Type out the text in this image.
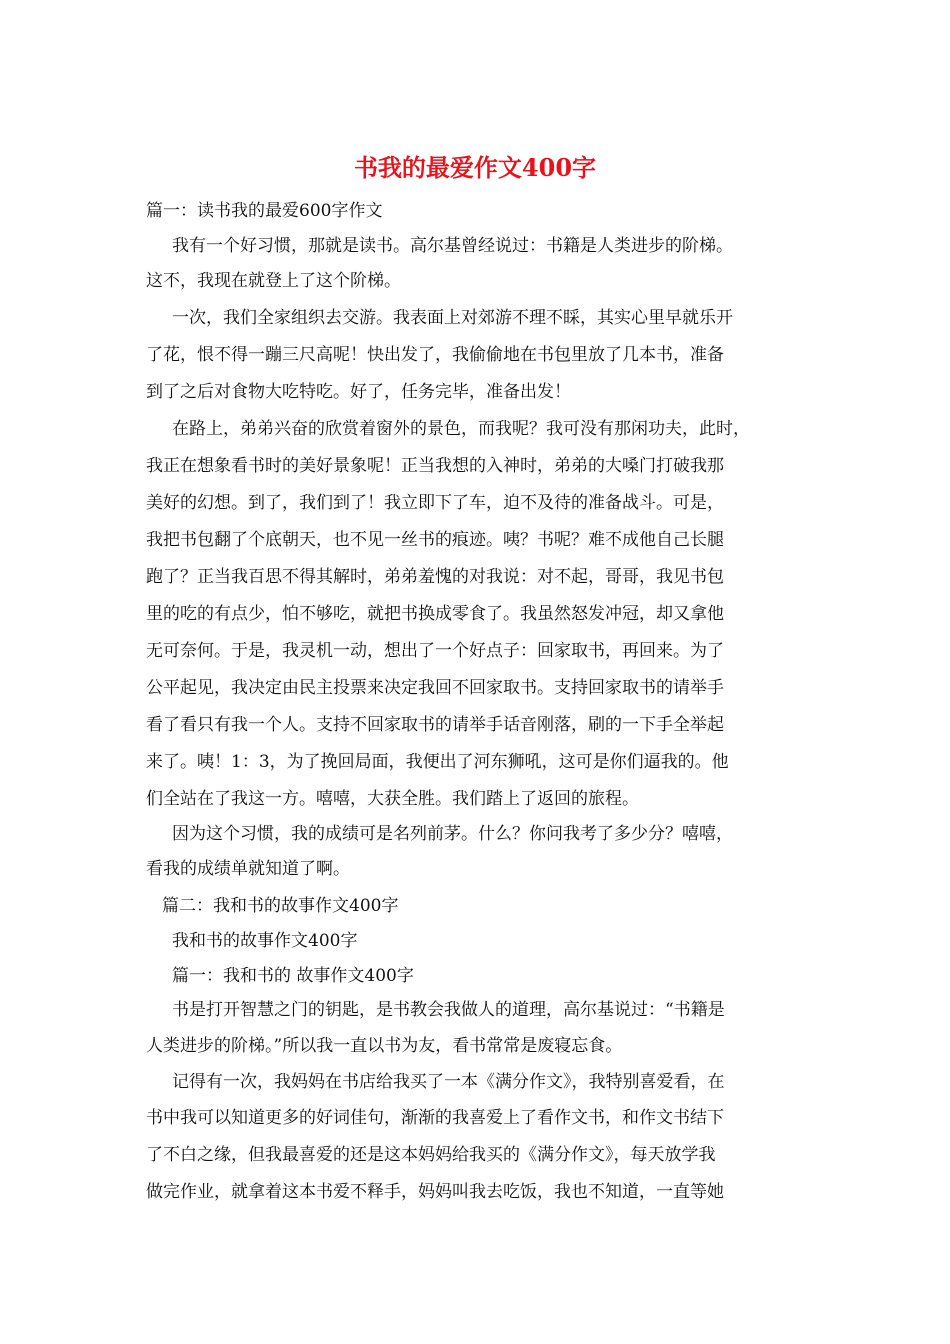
书我的最爱作文400字
篇一：读书我的最爱600字作文
我有一个好习惯，那就是读书。高尔基曾经说过：书籍是人类进步的阶梯。
这不，我现在就登上了这个阶梯。
一次，我们全家组织去交游。我表面上对郊游不理不睬，其实心里早就乐开
了花，恨不得一蹦三尺高呢！快出发了，我偷偷地在书包里放了几本书，准备
到了之后对食物大吃特吃。好了，任务完毕，准备出发！
在路上，弟弟兴奋的欣赏着窗外的景色，而我呢？我可没有那闲功夫，此时，
我正在想象看书时的美好景象呢！正当我想的入神时，弟弟的大嗓门打破我那
美好的幻想。到了，我们到了！我立即下了车，迫不及待的准备战斗。可是，
我把书包翻了个底朝天，也不见一丝书的痕迹。咦？书呢？难不成他自己长腿
跑了？正当我百思不得其解时，弟弟羞愧的对我说：对不起，哥哥，我见书包
里的吃的有点少，怕不够吃，就把书换成零食了。我虽然怒发冲冠，却又拿他
无可奈何。于是，我灵机一动，想出了一个好点子：回家取书，再回来。为了
公平起见，我决定由民主投票来决定我回不回家取书。支持回家取书的请举手
看了看只有我一个人。支持不回家取书的请举手话音刚落，刷的一下手全举起
来了。咦！1：3，为了挽回局面，我便出了河东狮吼，这可是你们逼我的。他
们全站在了我这一方。嘻嘻，大获全胜。我们踏上了返回的旅程。
因为这个习惯，我的成绩可是名列前茅。什么？你问我考了多少分？嘻嘻，
看我的成绩单就知道了啊。
篇二：我和书的故事作文400字
我和书的故事作文400字
篇一：我和书的 故事作文400字
书是打开智慧之门的钥匙，是书教会我做人的道理，高尔基说过：“书籍是
人类进步的阶梯。”所以我一直以书为友，看书常常是废寝忘食。
记得有一次，我妈妈在书店给我买了一本《满分作文》，我特别喜爱看，在
书中我可以知道更多的好词佳句，渐渐的我喜爱上了看作文书，和作文书结下
了不白之缘，但我最喜爱的还是这本妈妈给我买的《满分作文》，每天放学我
做完作业，就拿着这本书爱不释手，妈妈叫我去吃饭，我也不知道，一直等她
